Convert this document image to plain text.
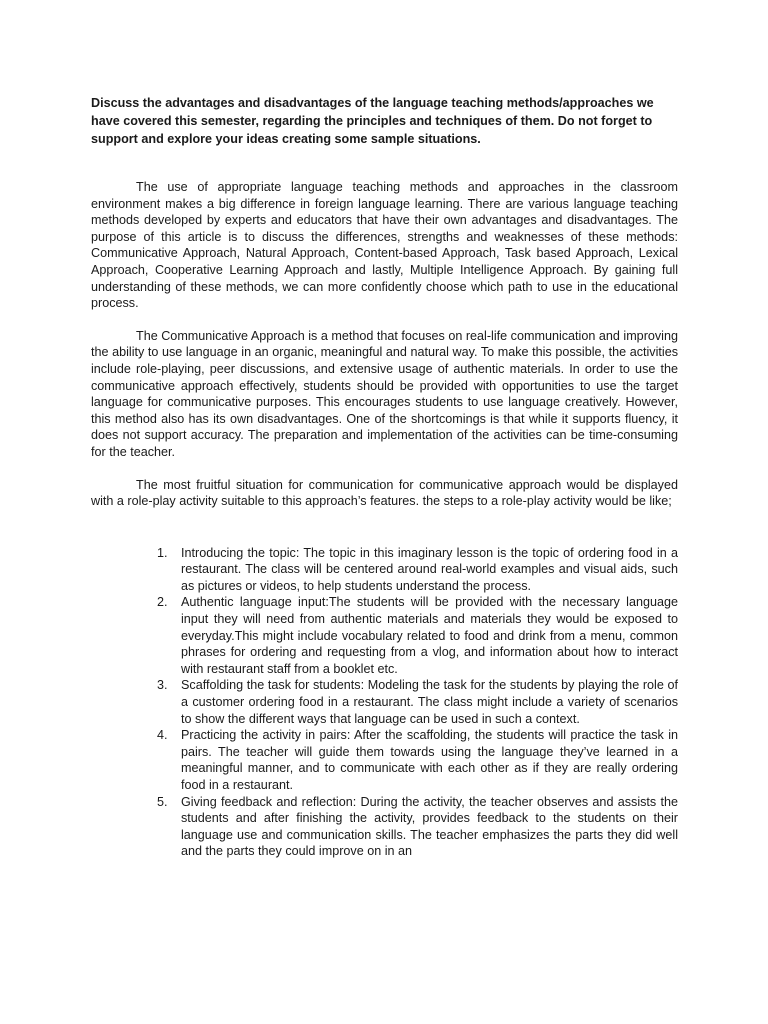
Discuss the advantages and disadvantages of the language teaching methods/approaches we have covered this semester, regarding the principles and techniques of them. Do not forget to support and explore your ideas creating some sample situations.

The use of appropriate language teaching methods and approaches in the classroom environment makes a big difference in foreign language learning. There are various language teaching methods developed by experts and educators that have their own advantages and disadvantages. The purpose of this article is to discuss the differences, strengths and weaknesses of these methods: Communicative Approach, Natural Approach, Content-based Approach, Task based Approach, Lexical Approach, Cooperative Learning Approach and lastly, Multiple Intelligence Approach. By gaining full understanding of these methods, we can more confidently choose which path to use in the educational process.

The Communicative Approach is a method that focuses on real-life communication and improving the ability to use language in an organic, meaningful and natural way. To make this possible, the activities include role-playing, peer discussions, and extensive usage of authentic materials. In order to use the communicative approach effectively, students should be provided with opportunities to use the target language for communicative purposes. This encourages students to use language creatively. However, this method also has its own disadvantages. One of the shortcomings is that while it supports fluency, it does not support accuracy. The preparation and implementation of the activities can be time-consuming for the teacher.

The most fruitful situation for communication for communicative approach would be displayed with a role-play activity suitable to this approach’s features. the steps to a role-play activity would be like;

1. Introducing the topic: The topic in this imaginary lesson is the topic of ordering food in a restaurant. The class will be centered around real-world examples and visual aids, such as pictures or videos, to help students understand the process.
2. Authentic language input:The students will be provided with the necessary language input they will need from authentic materials and materials they would be exposed to everyday.This might include vocabulary related to food and drink from a menu, common phrases for ordering and requesting from a vlog, and information about how to interact with restaurant staff from a booklet etc.
3. Scaffolding the task for students: Modeling the task for the students by playing the role of a customer ordering food in a restaurant. The class might include a variety of scenarios to show the different ways that language can be used in such a context.
4. Practicing the activity in pairs: After the scaffolding, the students will practice the task in pairs. The teacher will guide them towards using the language they’ve learned in a meaningful manner, and to communicate with each other as if they are really ordering food in a restaurant.
5. Giving feedback and reflection: During the activity, the teacher observes and assists the students and after finishing the activity, provides feedback to the students on their language use and communication skills. The teacher emphasizes the parts they did well and the parts they could improve on in an
